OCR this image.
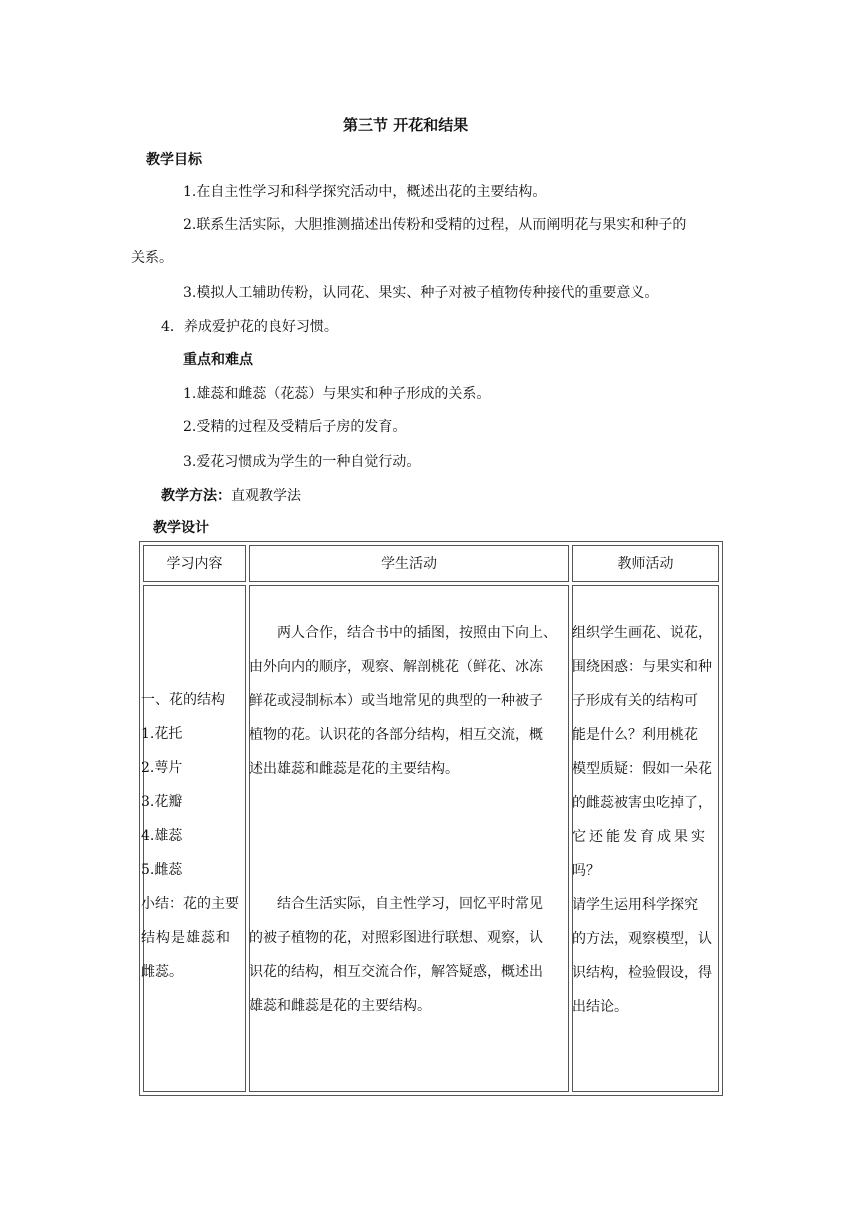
第三节 开花和结果
教学目标
1.在自主性学习和科学探究活动中，概述出花的主要结构。
2.联系生活实际，大胆推测描述出传粉和受精的过程，从而阐明花与果实和种子的
关系。
3.模拟人工辅助传粉，认同花、果实、种子对被子植物传种接代的重要意义。
4．养成爱护花的良好习惯。
重点和难点
1.雄蕊和雌蕊（花蕊）与果实和种子形成的关系。
2.受精的过程及受精后子房的发育。
3.爱花习惯成为学生的一种自觉行动。
教学方法：直观教学法
教学设计
学习内容	学生活动	教师活动
一、花的结构
1.花托
2.萼片
3.花瓣
4.雄蕊
5.雌蕊
小结：花的主要
结构是雄蕊和
雌蕊。
　　两人合作，结合书中的插图，按照由下向上、
由外向内的顺序，观察、解剖桃花（鲜花、冰冻
鲜花或浸制标本）或当地常见的典型的一种被子
植物的花。认识花的各部分结构，相互交流，概
述出雄蕊和雌蕊是花的主要结构。
　　结合生活实际，自主性学习，回忆平时常见
的被子植物的花，对照彩图进行联想、观察，认
识花的结构，相互交流合作，解答疑惑，概述出
雄蕊和雌蕊是花的主要结构。
组织学生画花、说花，
围绕困惑：与果实和种
子形成有关的结构可
能是什么？利用桃花
模型质疑：假如一朵花
的雌蕊被害虫吃掉了，
它还能发育成果实
吗？
请学生运用科学探究
的方法，观察模型，认
识结构，检验假设，得
出结论。
